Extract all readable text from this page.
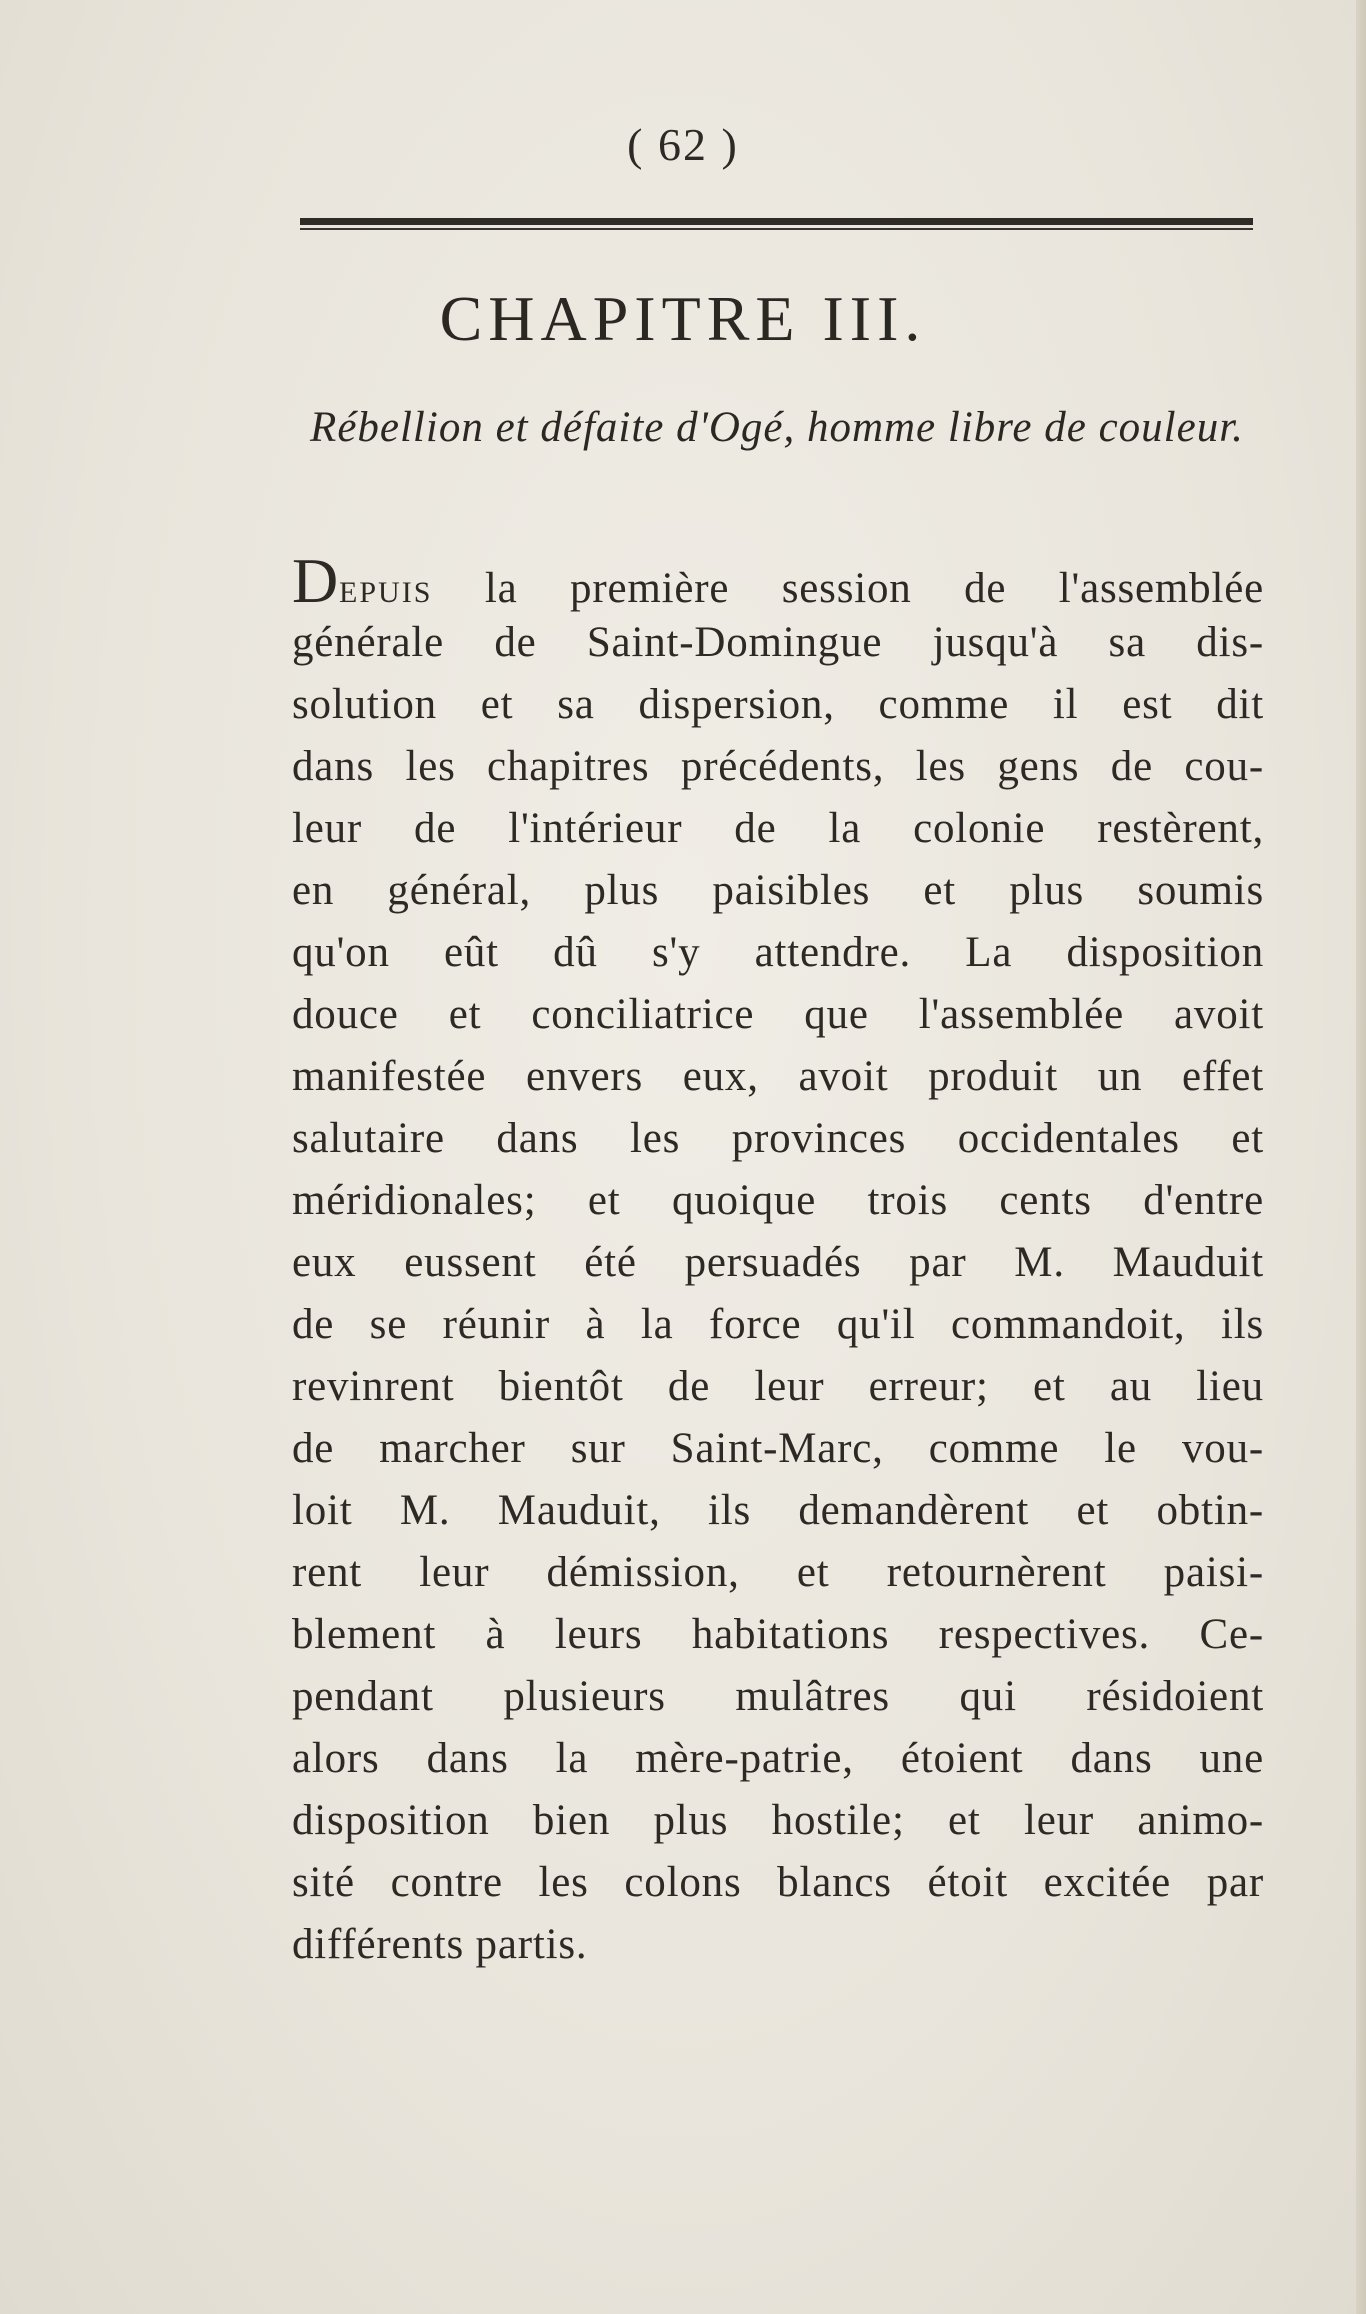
( 62 )
CHAPITRE III.
Rébellion et défaite d'Ogé, homme libre de couleur.
Depuis la première session de l'assemblée
générale de Saint-Domingue jusqu'à sa dis-
solution et sa dispersion, comme il est dit
dans les chapitres précédents, les gens de cou-
leur de l'intérieur de la colonie restèrent,
en général, plus paisibles et plus soumis
qu'on eût dû s'y attendre. La disposition
douce et conciliatrice que l'assemblée avoit
manifestée envers eux, avoit produit un effet
salutaire dans les provinces occidentales et
méridionales; et quoique trois cents d'entre
eux eussent été persuadés par M. Mauduit
de se réunir à la force qu'il commandoit, ils
revinrent bientôt de leur erreur; et au lieu
de marcher sur Saint-Marc, comme le vou-
loit M. Mauduit, ils demandèrent et obtin-
rent leur démission, et retournèrent paisi-
blement à leurs habitations respectives. Ce-
pendant plusieurs mulâtres qui résidoient
alors dans la mère-patrie, étoient dans une
disposition bien plus hostile; et leur animo-
sité contre les colons blancs étoit excitée par
différents partis.
